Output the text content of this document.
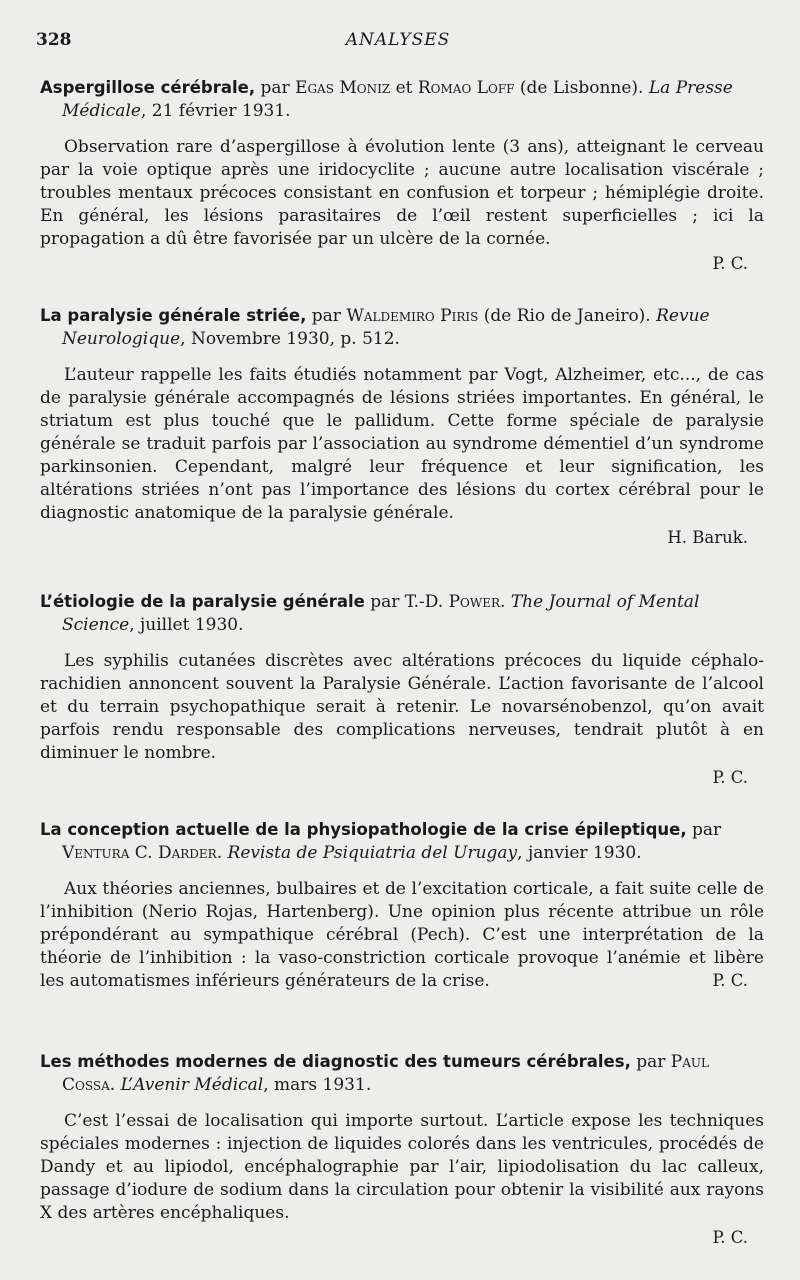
328	ANALYSES

Aspergillose cérébrale, par Egas Moniz et Romao Loff (de Lisbonne). La Presse Médicale, 21 février 1931.

Observation rare d’aspergillose à évolution lente (3 ans), atteignant le cerveau par la voie optique après une iridocyclite ; aucune autre localisation viscérale ; troubles mentaux précoces consistant en confusion et torpeur ; hémiplégie droite. En général, les lésions parasitaires de l’œil restent superficielles ; ici la propagation a dû être favorisée par un ulcère de la cornée.

P. C.

La paralysie générale striée, par Waldemiro Piris (de Rio de Janeiro). Revue Neurologique, Novembre 1930, p. 512.

L’auteur rappelle les faits étudiés notamment par Vogt, Alzheimer, etc..., de cas de paralysie générale accompagnés de lésions striées importantes. En général, le striatum est plus touché que le pallidum. Cette forme spéciale de paralysie générale se traduit parfois par l’association au syndrome démentiel d’un syndrome parkinsonien. Cependant, malgré leur fréquence et leur signification, les altérations striées n’ont pas l’importance des lésions du cortex cérébral pour le diagnostic anatomique de la paralysie générale.

H. Baruk.

L’étiologie de la paralysie générale par T.-D. Power. The Journal of Mental Science, juillet 1930.

Les syphilis cutanées discrètes avec altérations précoces du liquide céphalo-rachidien annoncent souvent la Paralysie Générale. L’action favorisante de l’alcool et du terrain psychopathique serait à retenir. Le novarsénobenzol, qu’on avait parfois rendu responsable des complications nerveuses, tendrait plutôt à en diminuer le nombre.

P. C.

La conception actuelle de la physiopathologie de la crise épileptique, par Ventura C. Darder. Revista de Psiquiatria del Urugay, janvier 1930.

Aux théories anciennes, bulbaires et de l’excitation corticale, a fait suite celle de l’inhibition (Nerio Rojas, Hartenberg). Une opinion plus récente attribue un rôle prépondérant au sympathique cérébral (Pech). C’est une interprétation de la théorie de l’inhibition : la vaso-constriction corticale provoque l’anémie et libère les automatismes inférieurs générateurs de la crise.	P. C.

Les méthodes modernes de diagnostic des tumeurs cérébrales, par Paul Cossa. L’Avenir Médical, mars 1931.

C’est l’essai de localisation qui importe surtout. L’article expose les techniques spéciales modernes : injection de liquides colorés dans les ventricules, procédés de Dandy et au lipiodol, encéphalographie par l’air, lipiodolisation du lac calleux, passage d’iodure de sodium dans la circulation pour obtenir la visibilité aux rayons X des artères encéphaliques.

P. C.
